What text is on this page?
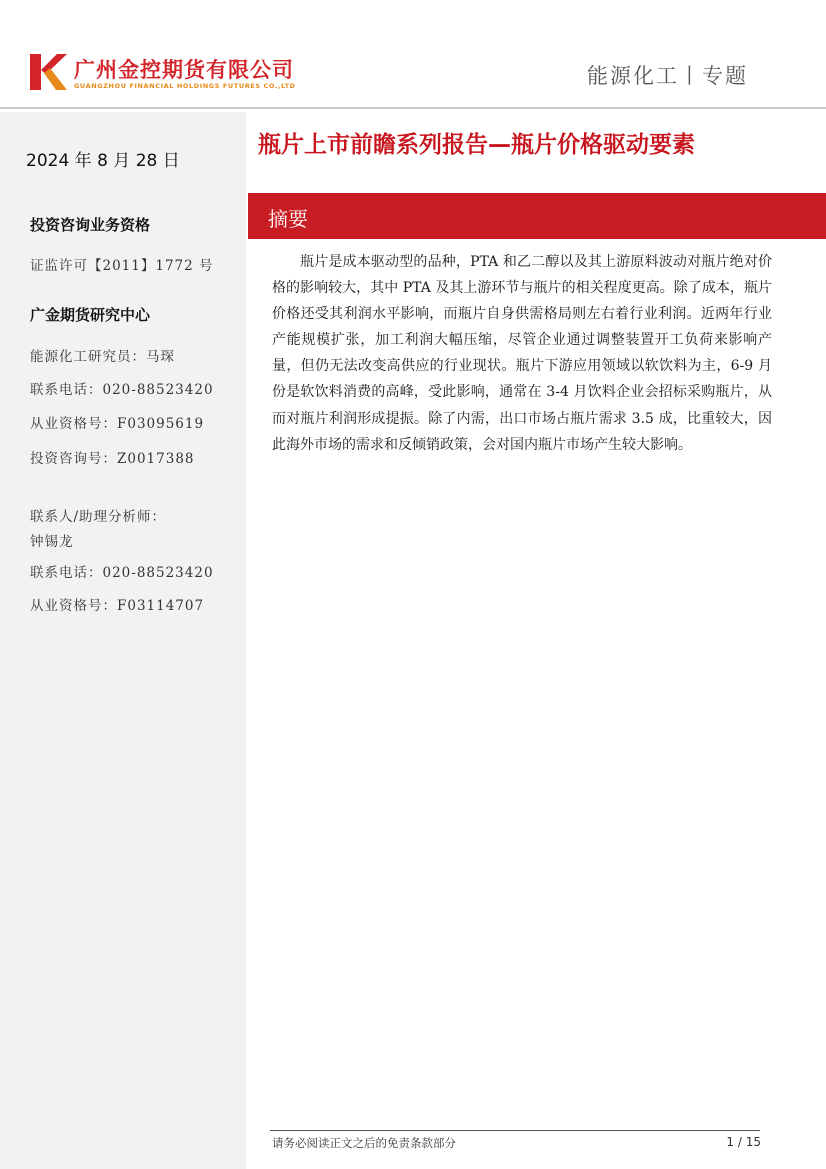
广州金控期货有限公司
GUANGZHOU FINANCIAL HOLDINGS FUTURES CO.,LTD	能源化工丨专题
2024 年 8 月 28 日
瓶片上市前瞻系列报告—瓶片价格驱动要素
摘要
投资咨询业务资格
证监许可【2011】1772 号
广金期货研究中心
能源化工研究员：马琛
联系电话：020-88523420
从业资格号：F03095619
投资咨询号：Z0017388
联系人/助理分析师：
钟锡龙
联系电话：020-88523420
从业资格号：F03114707

瓶片是成本驱动型的品种，PTA 和乙二醇以及其上游原料波动对瓶片绝对价格的影响较大，其中 PTA 及其上游环节与瓶片的相关程度更高。除了成本，瓶片价格还受其利润水平影响，而瓶片自身供需格局则左右着行业利润。近两年行业产能规模扩张，加工利润大幅压缩，尽管企业通过调整装置开工负荷来影响产量，但仍无法改变高供应的行业现状。瓶片下游应用领域以软饮料为主，6-9 月份是软饮料消费的高峰，受此影响，通常在 3-4 月饮料企业会招标采购瓶片，从而对瓶片利润形成提振。除了内需，出口市场占瓶片需求 3.5 成，比重较大，因此海外市场的需求和反倾销政策，会对国内瓶片市场产生较大影响。

请务必阅读正文之后的免责条款部分	1 / 15
